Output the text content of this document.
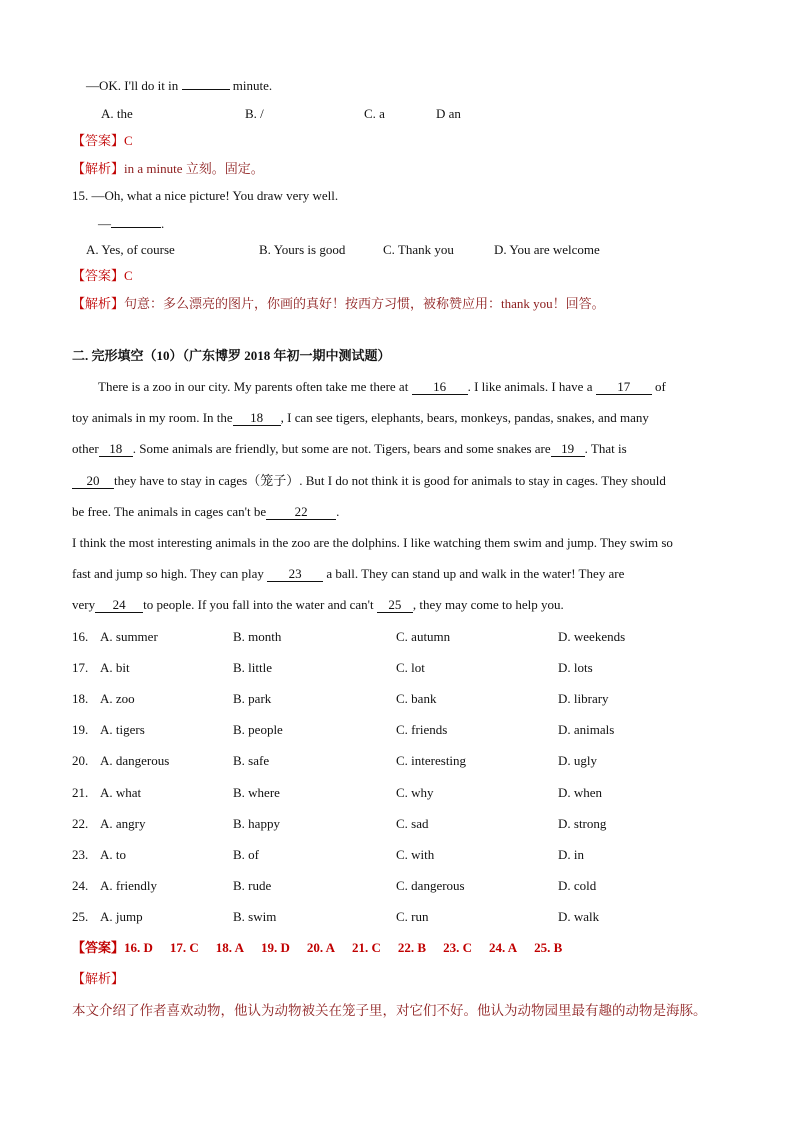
—OK. I'll do it in	minute.
A. the	B. /	C. a	D an
【答案】C
【解析】in a minute 立刻。固定。
15. —Oh, what a nice picture! You draw very well.
—	.
A. Yes, of course	B. Yours is good	C. Thank you	D. You are welcome
【答案】C
【解析】句意：多么漂亮的图片，你画的真好！按西方习惯，被称赞应用：thank you！回答。
二. 完形填空（10）（广东博罗 2018 年初一期中测试题）
There is a zoo in our city. My parents often take me there at 16 . I like animals. I have a 17 of
toy animals in my room. In the 18 , I can see tigers, elephants, bears, monkeys, pandas, snakes, and many
other 18 . Some animals are friendly, but some are not. Tigers, bears and some snakes are 19 . That is
20 they have to stay in cages（笼子）. But I do not think it is good for animals to stay in cages. They should
be free. The animals in cages can't be 22 .
I think the most interesting animals in the zoo are the dolphins. I like watching them swim and jump. They swim so
fast and jump so high. They can play 23 a ball. They can stand up and walk in the water! They are
very 24 to people. If you fall into the water and can't 25 , they may come to help you.
16. A. summer	B. month	C. autumn	D. weekends
17. A. bit	B. little	C. lot	D. lots
18. A. zoo	B. park	C. bank	D. library
19. A. tigers	B. people	C. friends	D. animals
20. A. dangerous	B. safe	C. interesting	D. ugly
21. A. what	B. where	C. why	D. when
22. A. angry	B. happy	C. sad	D. strong
23. A. to	B. of	C. with	D. in
24. A. friendly	B. rude	C. dangerous	D. cold
25. A. jump	B. swim	C. run	D. walk
【答案】16. D 17. C 18. A 19. D 20. A 21. C 22. B 23. C 24. A 25. B
【解析】
本文介绍了作者喜欢动物，他认为动物被关在笼子里，对它们不好。他认为动物园里最有趣的动物是海豚。
